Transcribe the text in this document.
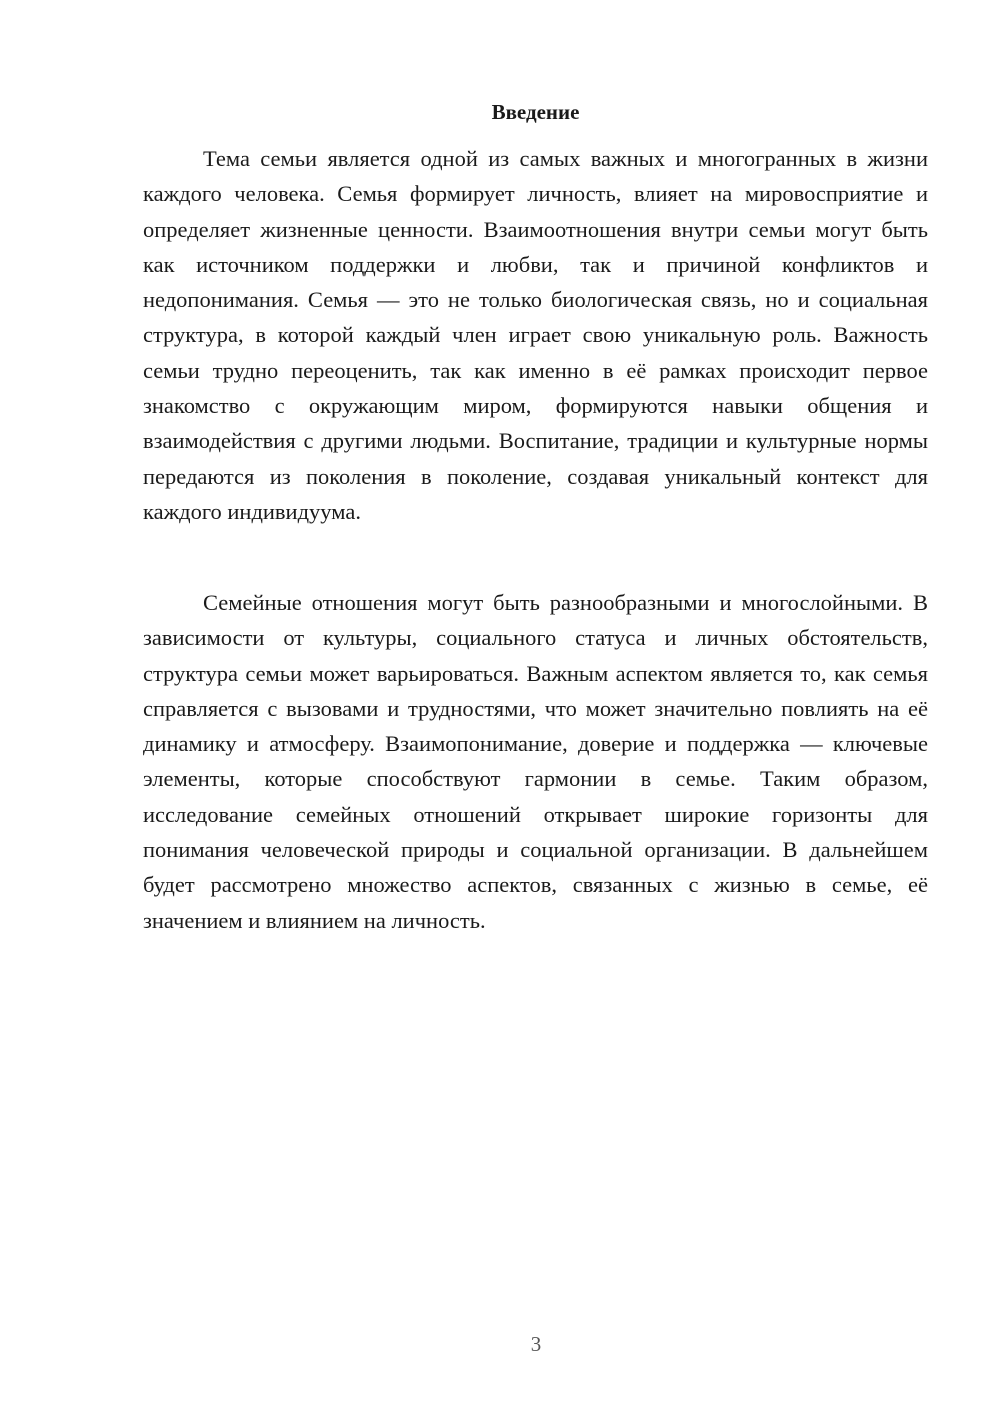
Введение

Тема семьи является одной из самых важных и многогранных в жизни каждого человека. Семья формирует личность, влияет на мировосприятие и определяет жизненные ценности. Взаимоотношения внутри семьи могут быть как источником поддержки и любви, так и причиной конфликтов и недопонимания. Семья — это не только биологическая связь, но и социальная структура, в которой каждый член играет свою уникальную роль. Важность семьи трудно переоценить, так как именно в её рамках происходит первое знакомство с окружающим миром, формируются навыки общения и взаимодействия с другими людьми. Воспитание, традиции и культурные нормы передаются из поколения в поколение, создавая уникальный контекст для каждого индивидуума.

Семейные отношения могут быть разнообразными и многослойными. В зависимости от культуры, социального статуса и личных обстоятельств, структура семьи может варьироваться. Важным аспектом является то, как семья справляется с вызовами и трудностями, что может значительно повлиять на её динамику и атмосферу. Взаимопонимание, доверие и поддержка — ключевые элементы, которые способствуют гармонии в семье. Таким образом, исследование семейных отношений открывает широкие горизонты для понимания человеческой природы и социальной организации. В дальнейшем будет рассмотрено множество аспектов, связанных с жизнью в семье, её значением и влиянием на личность.

3
